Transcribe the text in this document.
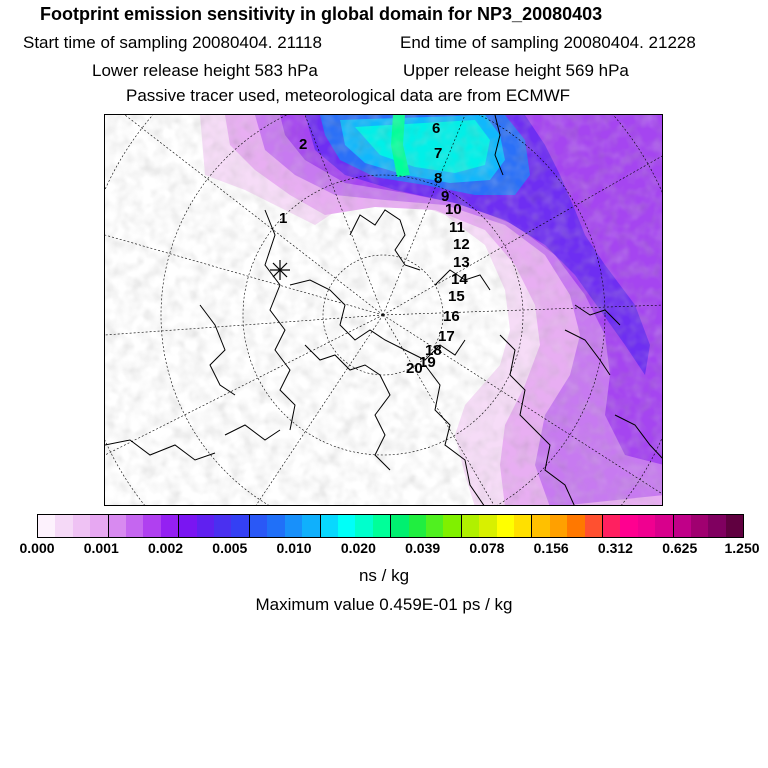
Footprint emission sensitivity in global domain for NP3_20080403
Start time of sampling 20080404. 21118	End time of sampling 20080404. 21228
Lower release height 583 hPa	Upper release height 569 hPa
Passive tracer used, meteorological data are from ECMWF
1
2
6
7
8
9
10
11
12
13
14
15
16
17
18
19
20
0.000 0.001 0.002 0.005 0.010 0.020 0.039 0.078 0.156 0.312 0.625 1.250
ns / kg
Maximum value 0.459E-01 ps / kg
